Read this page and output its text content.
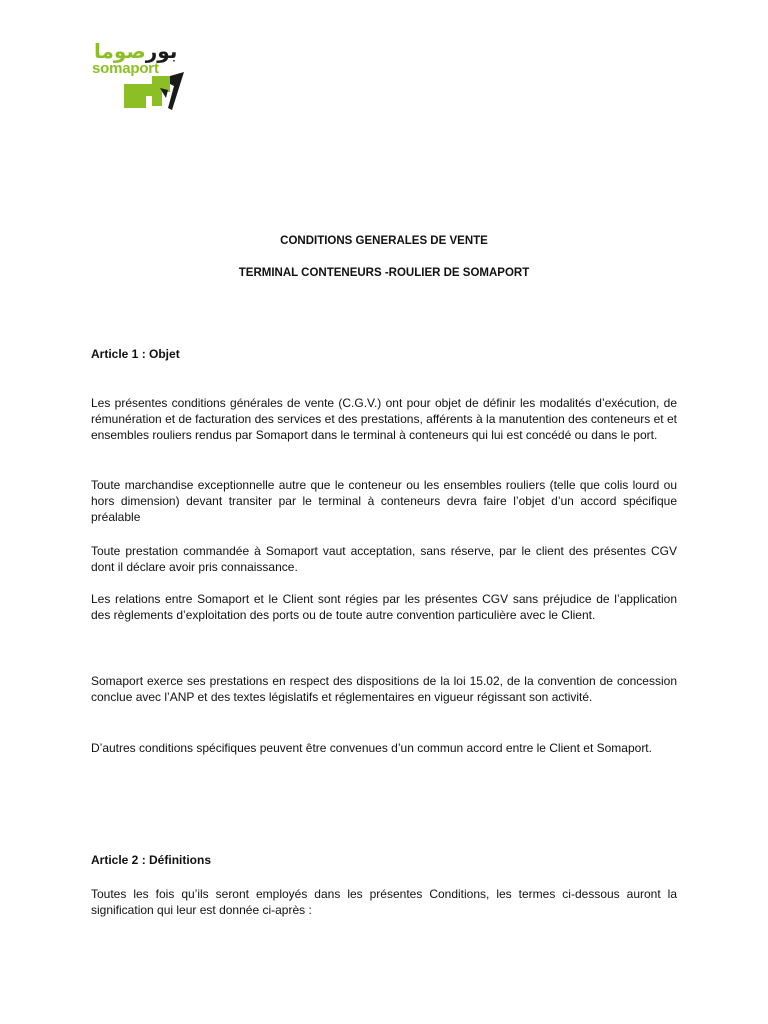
بورصوما
somaport
CONDITIONS GENERALES DE VENTE
TERMINAL CONTENEURS -ROULIER DE SOMAPORT
Article 1 : Objet

Les présentes conditions générales de vente (C.G.V.) ont pour objet de définir les modalités d’exécution, de rémunération et de facturation des services et des prestations, afférents à la manutention des conteneurs et et ensembles rouliers rendus par Somaport dans le terminal à conteneurs qui lui est concédé ou dans le port.

Toute marchandise exceptionnelle autre que le conteneur ou les ensembles rouliers (telle que colis lourd ou hors dimension) devant transiter par le terminal à conteneurs devra faire l’objet d’un accord spécifique préalable

Toute prestation commandée à Somaport vaut acceptation, sans réserve, par le client des présentes CGV dont il déclare avoir pris connaissance.

Les relations entre Somaport et le Client sont régies par les présentes CGV sans préjudice de l’application des règlements d’exploitation des ports ou de toute autre convention particulière avec le Client.

Somaport exerce ses prestations en respect des dispositions de la loi 15.02, de la convention de concession conclue avec l’ANP et des textes législatifs et réglementaires en vigueur régissant son activité.

D’autres conditions spécifiques peuvent être convenues d’un commun accord entre le Client et Somaport.

Article 2 : Définitions

Toutes les fois qu’ils seront employés dans les présentes Conditions, les termes ci-dessous auront la signification qui leur est donnée ci-après :
